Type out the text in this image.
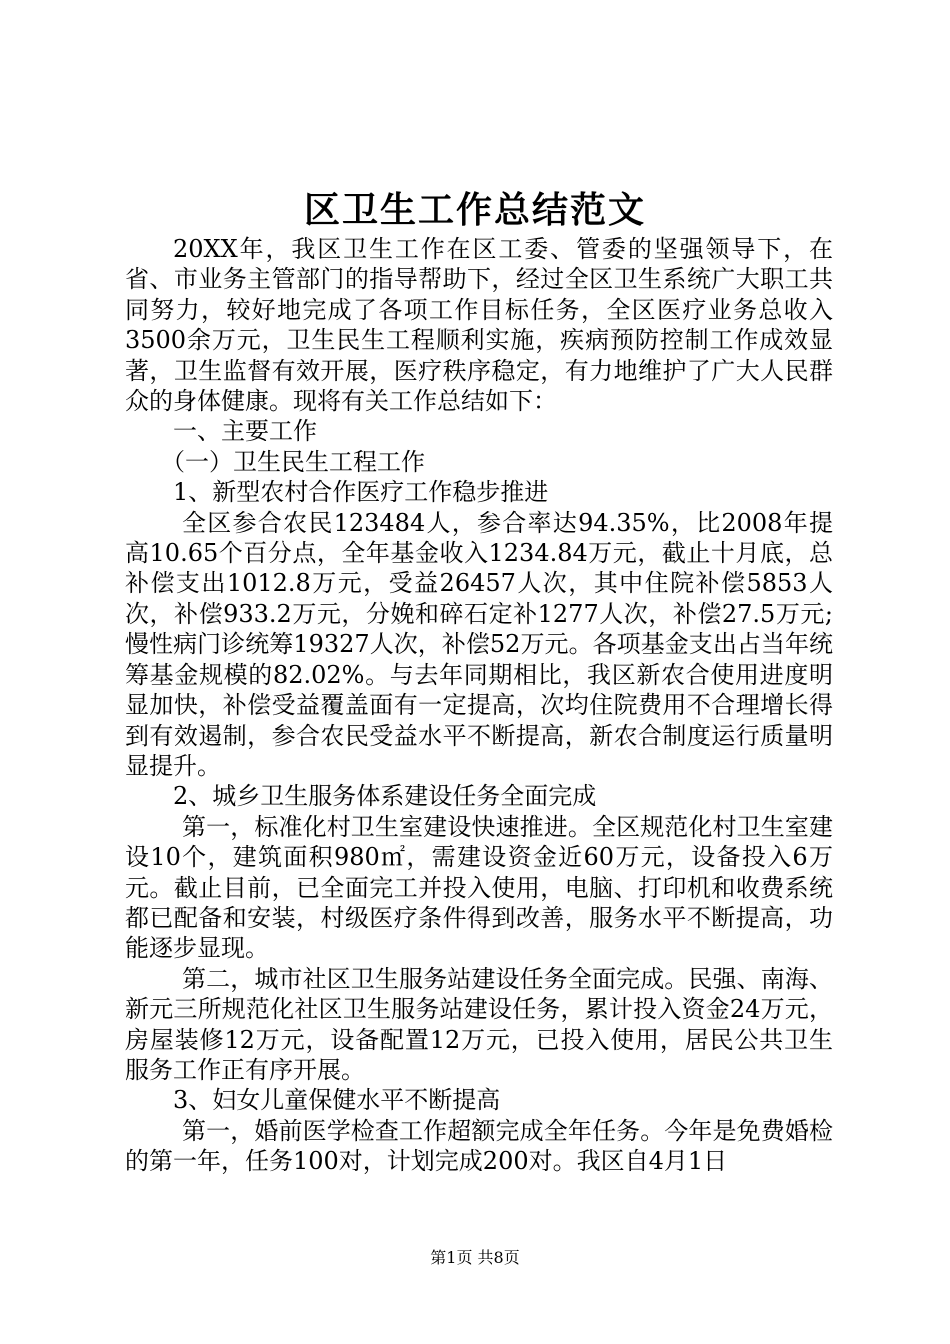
区卫生工作总结范文

20XX年，我区卫生工作在区工委、管委的坚强领导下，在省、市业务主管部门的指导帮助下，经过全区卫生系统广大职工共同努力，较好地完成了各项工作目标任务，全区医疗业务总收入3500余万元，卫生民生工程顺利实施，疾病预防控制工作成效显著，卫生监督有效开展，医疗秩序稳定，有力地维护了广大人民群众的身体健康。现将有关工作总结如下：

一、主要工作

（一）卫生民生工程工作

1、新型农村合作医疗工作稳步推进

全区参合农民123484人，参合率达94.35%，比2008年提高10.65个百分点，全年基金收入1234.84万元，截止十月底，总补偿支出1012.8万元，受益26457人次，其中住院补偿5853人次，补偿933.2万元，分娩和碎石定补1277人次，补偿27.5万元;慢性病门诊统筹19327人次，补偿52万元。各项基金支出占当年统筹基金规模的82.02%。与去年同期相比，我区新农合使用进度明显加快，补偿受益覆盖面有一定提高，次均住院费用不合理增长得到有效遏制，参合农民受益水平不断提高，新农合制度运行质量明显提升。

2、城乡卫生服务体系建设任务全面完成

第一，标准化村卫生室建设快速推进。全区规范化村卫生室建设10个，建筑面积980㎡，需建设资金近60万元，设备投入6万元。截止目前，已全面完工并投入使用，电脑、打印机和收费系统都已配备和安装，村级医疗条件得到改善，服务水平不断提高，功能逐步显现。

第二，城市社区卫生服务站建设任务全面完成。民强、南海、新元三所规范化社区卫生服务站建设任务，累计投入资金24万元，房屋装修12万元，设备配置12万元，已投入使用，居民公共卫生服务工作正有序开展。

3、妇女儿童保健水平不断提高

第一，婚前医学检查工作超额完成全年任务。今年是免费婚检的第一年，任务100对，计划完成200对。我区自4月1日

第1页 共8页
